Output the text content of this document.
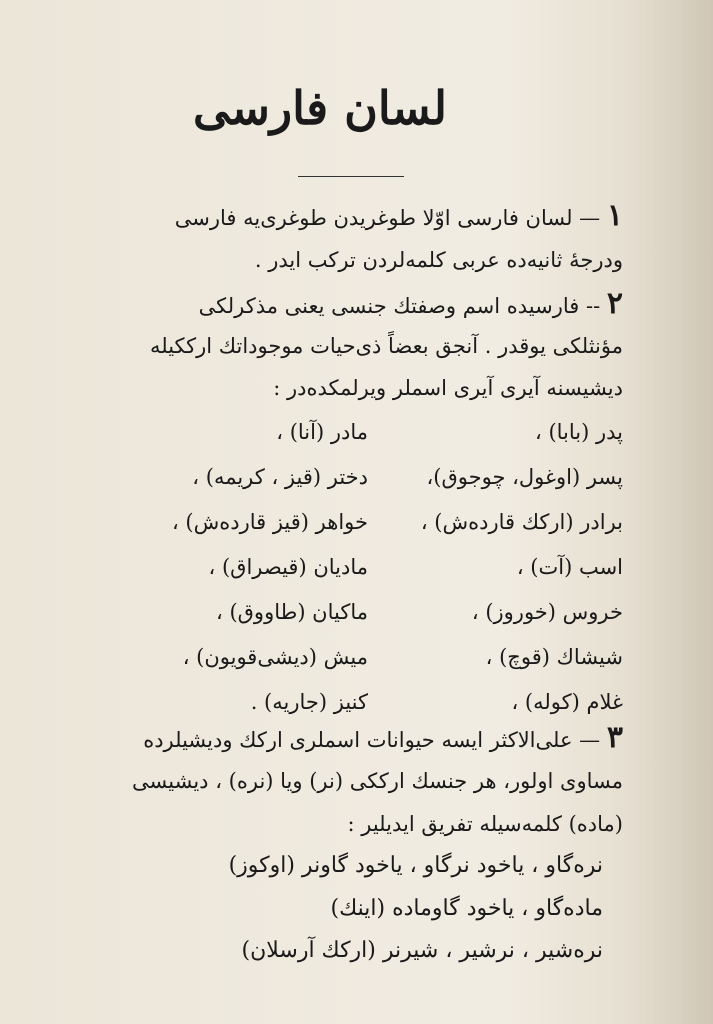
لسان فارسی
١ — لسان فارسی اوّلا طوغریدن طوغری‌یه فارسی
ودرجهٔ ثانیه‌ده عربی کلمه‌لردن ترکب ایدر .
٢ -- فارسیده اسم وصفتك جنسی یعنی مذکرلکی
مؤنثلکی یوقدر . آنجق بعضاً ذی‌حیات موجوداتك ارککیله
دیشیسنه آیری آیری اسملر ویرلمکده‌در :
پدر (بابا) ،
مادر (آنا) ،
پسر (اوغول، چوجوق)،
دختر (قیز ، کریمه) ،
برادر (ارکك قارده‌ش) ،
خواهر (قیز قارده‌ش) ،
اسب (آت) ،
مادیان (قیصراق) ،
خروس (خوروز) ،
ماکیان (طاووق) ،
شیشاك (قوچ) ،
میش (دیشی‌قویون) ،
غلام (کوله) ،
کنیز (جاریه) .
٣ — علی‌الاکثر ایسه حیوانات اسملری ارکك ودیشیلرده
مساوی اولور، هر جنسك ارککی (نر) ویا (نره) ، دیشیسی
(ماده) کلمه‌سیله تفریق ایدیلیر :
نره‌گاو ، یاخود نرگاو ، یاخود گاونر (اوکوز)
ماده‌گاو ، یاخود گاوماده (اینك)
نره‌شیر ، نرشیر ، شیرنر (ارکك آرسلان)
